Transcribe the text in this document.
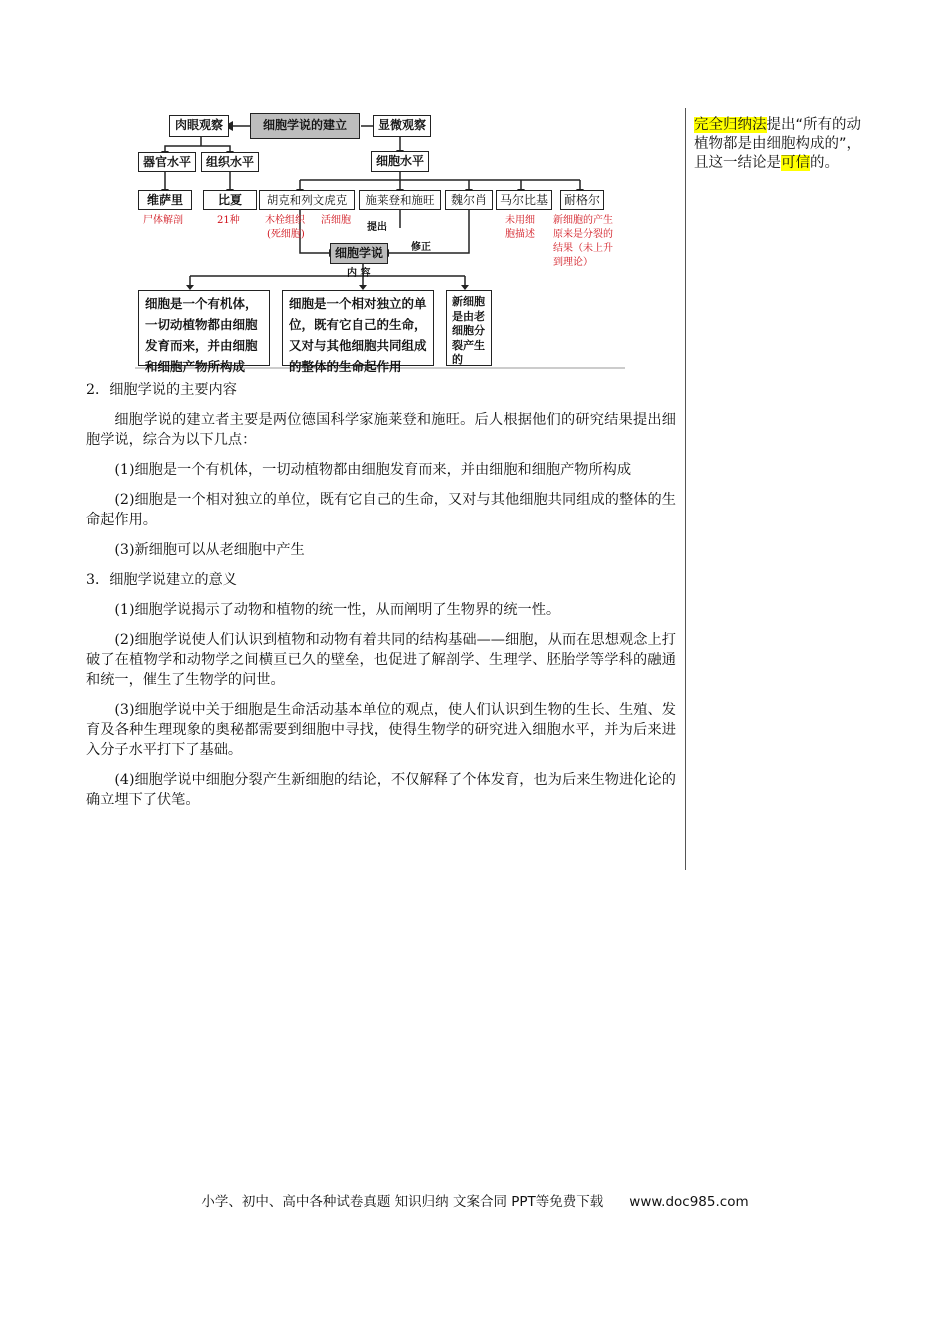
肉眼观察	细胞学说的建立	显微观察
器官水平	组织水平	细胞水平
维萨里	比夏	胡克和列文虎克	施莱登和施旺	魏尔肖	马尔比基	耐格尔
尸体解剖	21种	木栓组织
(死细胞)
活细胞	未用细
胞描述
新细胞的产生
原来是分裂的
结果（未上升
到理论）
提出
修正
细胞学说
内 容
细胞是一个有机体，一切动植物都由细胞发育而来，并由细胞和细胞产物所构成
细胞是一个相对独立的单位，既有它自己的生命，又对与其他细胞共同组成的整体的生命起作用
新细胞是由老细胞分裂产生的
完全归纳法提出“所有的动植物都是由细胞构成的”，且这一结论是可信的。
2．细胞学说的主要内容
细胞学说的建立者主要是两位德国科学家施莱登和施旺。后人根据他们的研究结果提出细胞学说，综合为以下几点：
(1)细胞是一个有机体，一切动植物都由细胞发育而来，并由细胞和细胞产物所构成
(2)细胞是一个相对独立的单位，既有它自己的生命，又对与其他细胞共同组成的整体的生命起作用。
(3)新细胞可以从老细胞中产生
3．细胞学说建立的意义
(1)细胞学说揭示了动物和植物的统一性，从而阐明了生物界的统一性。
(2)细胞学说使人们认识到植物和动物有着共同的结构基础——细胞，从而在思想观念上打破了在植物学和动物学之间横亘已久的壁垒，也促进了解剖学、生理学、胚胎学等学科的融通和统一，催生了生物学的问世。
(3)细胞学说中关于细胞是生命活动基本单位的观点，使人们认识到生物的生长、生殖、发育及各种生理现象的奥秘都需要到细胞中寻找，使得生物学的研究进入细胞水平，并为后来进入分子水平打下了基础。
(4)细胞学说中细胞分裂产生新细胞的结论，不仅解释了个体发育，也为后来生物进化论的确立埋下了伏笔。
小学、初中、高中各种试卷真题 知识归纳 文案合同 PPT等免费下载 www.doc985.com
